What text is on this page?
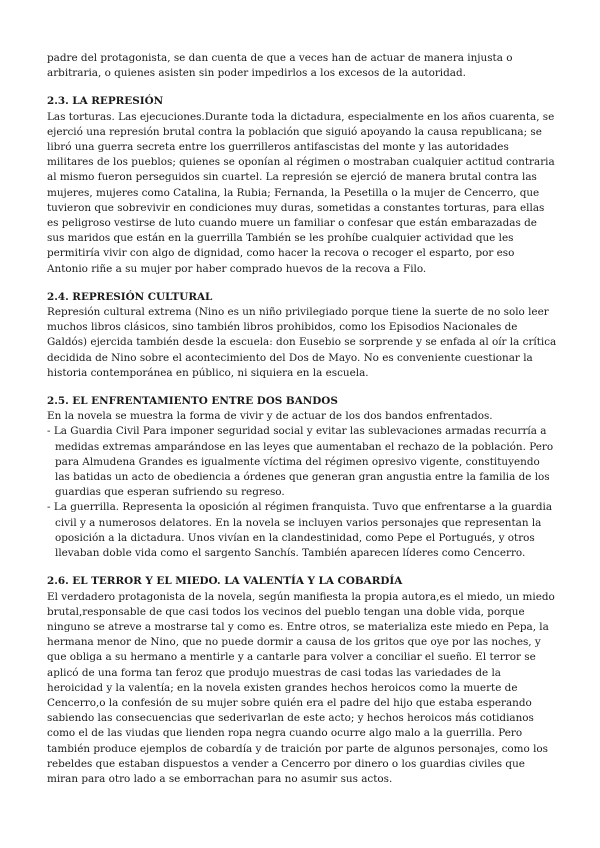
padre del protagonista, se dan cuenta de que a veces han de actuar de manera injusta o arbitraria, o quienes asisten sin poder impedirlos a los excesos de la autoridad.

2.3. LA REPRESIÓN

Las torturas. Las ejecuciones.Durante toda la dictadura, especialmente en los años cuarenta, se ejerció una represión brutal contra la población que siguió apoyando la causa republicana; se libró una guerra secreta entre los guerrilleros antifascistas del monte y las autoridades militares de los pueblos; quienes se oponían al régimen o mostraban cualquier actitud contraria al mismo fueron perseguidos sin cuartel. La represión se ejerció de manera brutal contra las mujeres, mujeres como Catalina, la Rubia; Fernanda, la Pesetilla o la mujer de Cencerro, que tuvieron que sobrevivir en condiciones muy duras, sometidas a constantes torturas, para ellas es peligroso vestirse de luto cuando muere un familiar o confesar que están embarazadas de sus maridos que están en la guerrilla También se les prohíbe cualquier actividad que les permitiría vivir con algo de dignidad, como hacer la recova o recoger el esparto, por eso Antonio riñe a su mujer por haber comprado huevos de la recova a Filo.

2.4. REPRESIÓN CULTURAL

Represión cultural extrema (Nino es un niño privilegiado porque tiene la suerte de no solo leer muchos libros clásicos, sino también libros prohibidos, como los Episodios Nacionales de Galdós) ejercida también desde la escuela: don Eusebio se sorprende y se enfada al oír la crítica decidida de Nino sobre el acontecimiento del Dos de Mayo. No es conveniente cuestionar la historia contemporánea en público, ni siquiera en la escuela.

2.5. EL ENFRENTAMIENTO ENTRE DOS BANDOS

En la novela se muestra la forma de vivir y de actuar de los dos bandos enfrentados.

- La Guardia Civil Para imponer seguridad social y evitar las sublevaciones armadas recurría a medidas extremas amparándose en las leyes que aumentaban el rechazo de la población. Pero para Almudena Grandes es igualmente víctima del régimen opresivo vigente, constituyendo las batidas un acto de obediencia a órdenes que generan gran angustia entre la familia de los guardias que esperan sufriendo su regreso.
- La guerrilla. Representa la oposición al régimen franquista. Tuvo que enfrentarse a la guardia civil y a numerosos delatores. En la novela se incluyen varios personajes que representan la oposición a la dictadura. Unos vivían en la clandestinidad, como Pepe el Portugués, y otros llevaban doble vida como el sargento Sanchís. También aparecen líderes como Cencerro.

2.6. EL TERROR Y EL MIEDO. LA VALENTÍA Y LA COBARDÍA

El verdadero protagonista de la novela, según manifiesta la propia autora,es el miedo, un miedo brutal,responsable de que casi todos los vecinos del pueblo tengan una doble vida, porque ninguno se atreve a mostrarse tal y como es. Entre otros, se materializa este miedo en Pepa, la hermana menor de Nino, que no puede dormir a causa de los gritos que oye por las noches, y que obliga a su hermano a mentirle y a cantarle para volver a conciliar el sueño. El terror se aplicó de una forma tan feroz que produjo muestras de casi todas las variedades de la heroicidad y la valentía; en la novela existen grandes hechos heroicos como la muerte de Cencerro,o la confesión de su mujer sobre quién era el padre del hijo que estaba esperando sabiendo las consecuencias que sederivarlan de este acto; y hechos heroicos más cotidianos como el de las viudas que lienden ropa negra cuando ocurre algo malo a la guerrilla. Pero también produce ejemplos de cobardía y de traición por parte de algunos personajes, como los rebeldes que estaban dispuestos a vender a Cencerro por dinero o los guardias civiles que miran para otro lado a se emborrachan para no asumir sus actos.
